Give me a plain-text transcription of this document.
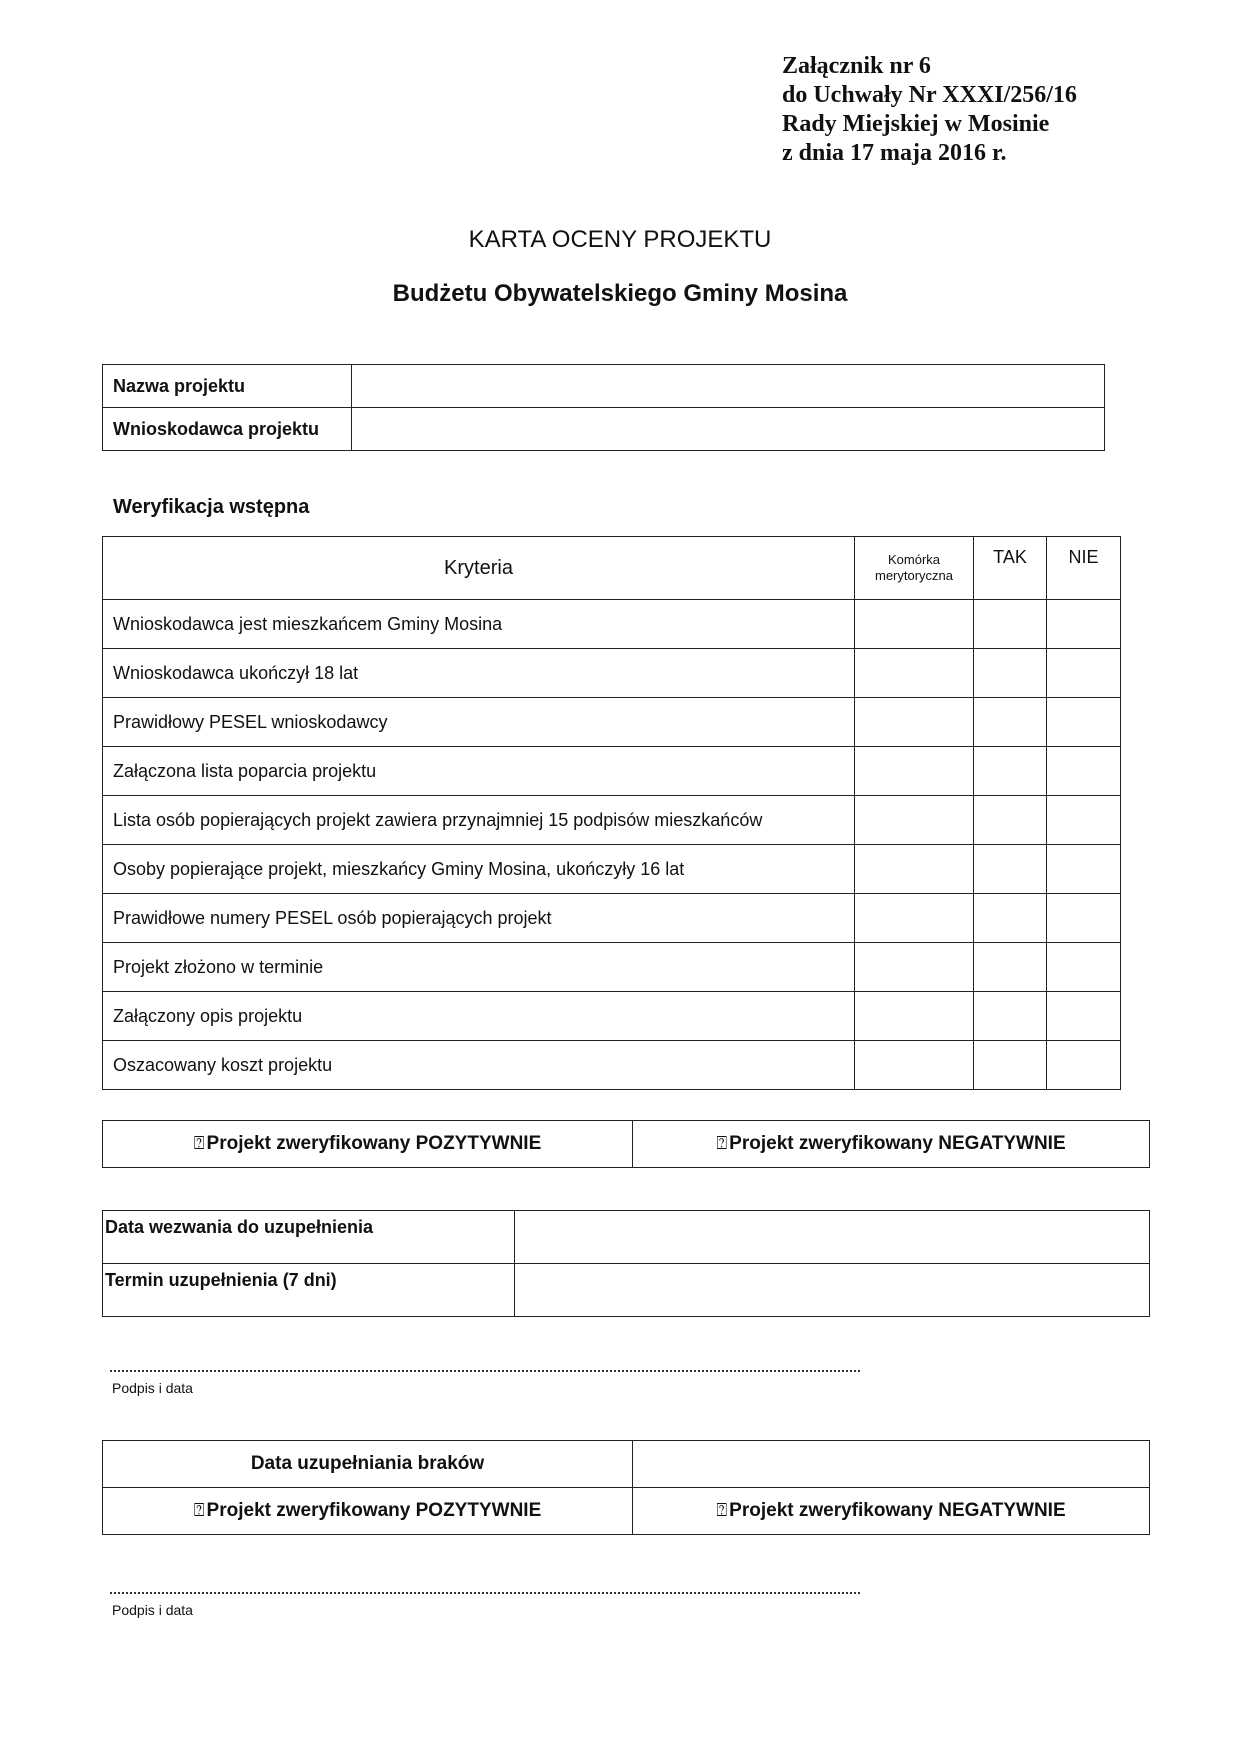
Załącznik nr 6
do Uchwały Nr XXXI/256/16
Rady Miejskiej w Mosinie
z dnia 17 maja 2016 r.
KARTA OCENY PROJEKTU
Budżetu Obywatelskiego Gminy Mosina
Nazwa projektu	
Wnioskodawca projektu	
Weryfikacja wstępna
Kryteria	Komórka merytoryczna	TAK	NIE
Wnioskodawca jest mieszkańcem Gminy Mosina			
Wnioskodawca ukończył 18 lat			
Prawidłowy PESEL wnioskodawcy			
Załączona lista poparcia projektu			
Lista osób popierających projekt zawiera przynajmniej 15 podpisów mieszkańców			
Osoby popierające projekt, mieszkańcy Gminy Mosina, ukończyły 16 lat			
Prawidłowe numery PESEL osób popierających projekt			
Projekt złożono w terminie			
Załączony opis projektu			
Oszacowany koszt projektu			
⍰ Projekt zweryfikowany POZYTYWNIE	⍰ Projekt zweryfikowany NEGATYWNIE
Data wezwania do uzupełnienia	
Termin uzupełnienia (7 dni)	
Podpis i data
Data uzupełniania braków	
⍰ Projekt zweryfikowany POZYTYWNIE	⍰ Projekt zweryfikowany NEGATYWNIE
Podpis i data
